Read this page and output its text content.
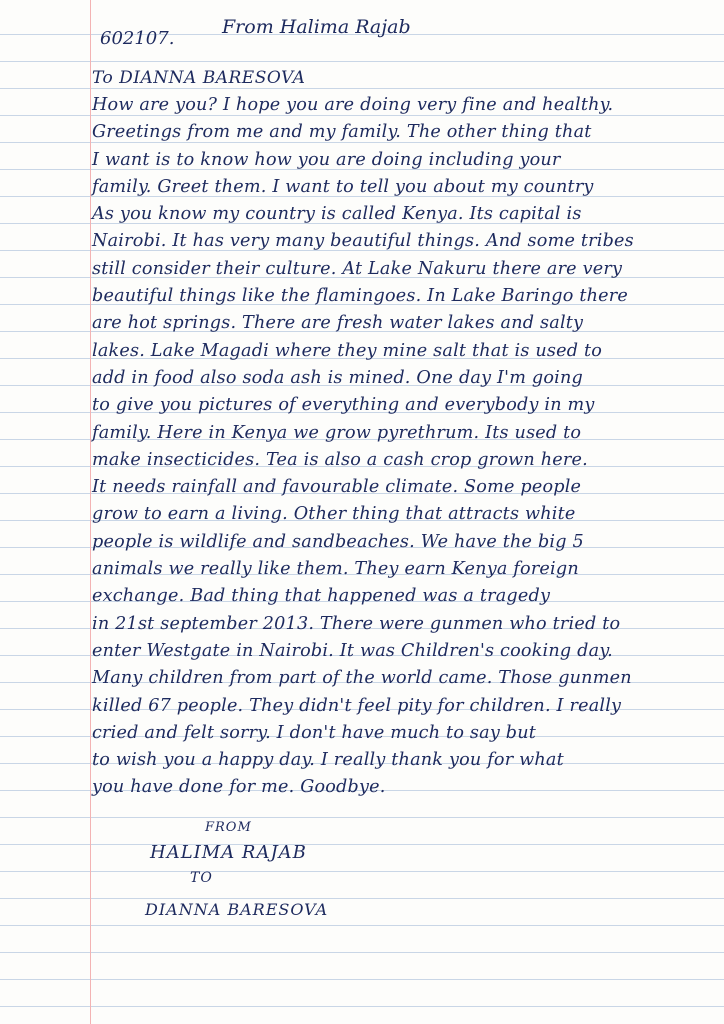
602107.
From Halima Rajab
To DIANNA BARESOVA
How are you? I hope you are doing very fine and healthy.
Greetings from me and my family. The other thing that
I want is to know how you are doing including your
family. Greet them. I want to tell you about my country
As you know my country is called Kenya. Its capital is
Nairobi. It has very many beautiful things. And some tribes
still consider their culture. At Lake Nakuru there are very
beautiful things like the flamingoes. In Lake Baringo there
are hot springs. There are fresh water lakes and salty
lakes. Lake Magadi where they mine salt that is used to
add in food also soda ash is mined. One day I'm going
to give you pictures of everything and everybody in my
family. Here in Kenya we grow pyrethrum. Its used to
make insecticides. Tea is also a cash crop grown here.
It needs rainfall and favourable climate. Some people
grow to earn a living. Other thing that attracts white
people is wildlife and sandbeaches. We have the big 5
animals we really like them. They earn Kenya foreign
exchange. Bad thing that happened was a tragedy
in 21st september 2013. There were gunmen who tried to
enter Westgate in Nairobi. It was Children's cooking day.
Many children from part of the world came. Those gunmen
killed 67 people. They didn't feel pity for children. I really
cried and felt sorry. I don't have much to say but
to wish you a happy day. I really thank you for what
you have done for me. Goodbye.
FROM
HALIMA RAJAB
TO
DIANNA BARESOVA
